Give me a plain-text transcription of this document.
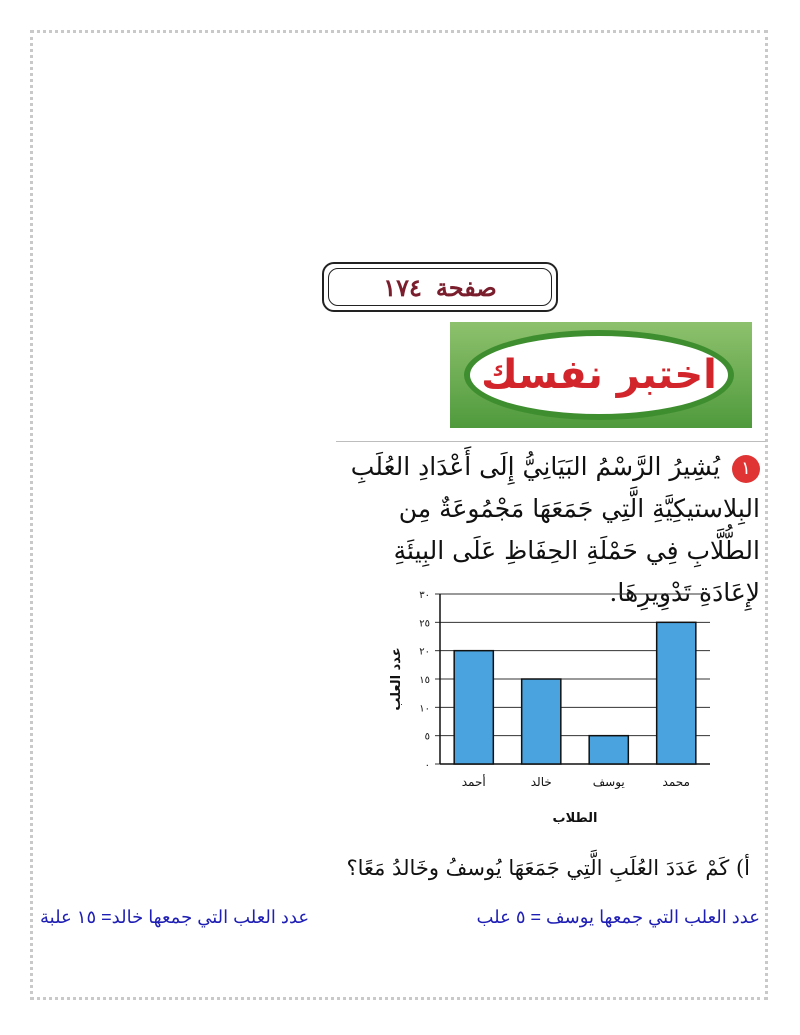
١٧٤ صفحة
اختبر نفسك
١ يُشِيرُ الرَّسْمُ البَيَانِيُّ إِلَى أَعْدَادِ العُلَبِ البِلاستيكِيَّةِ الَّتِي جَمَعَهَا مَجْمُوعَةٌ مِن الطُّلَّابِ فِي حَمْلَةِ الحِفَاظِ عَلَى البِيئَةِ لإِعَادَةِ تَدْوِيرِهَا.
٠
٥
١٠
١٥
٢٠
٢٥
٣٠
أحمد	خالد	يوسف	محمد
الطلاب
عدد العلب
أ) كَمْ عَدَدَ العُلَبِ الَّتِي جَمَعَهَا يُوسفُ وخَالدُ مَعًا؟
عدد العلب التي جمعها يوسف = ٥ علب
عدد العلب التي جمعها خالد= ١٥ علبة
